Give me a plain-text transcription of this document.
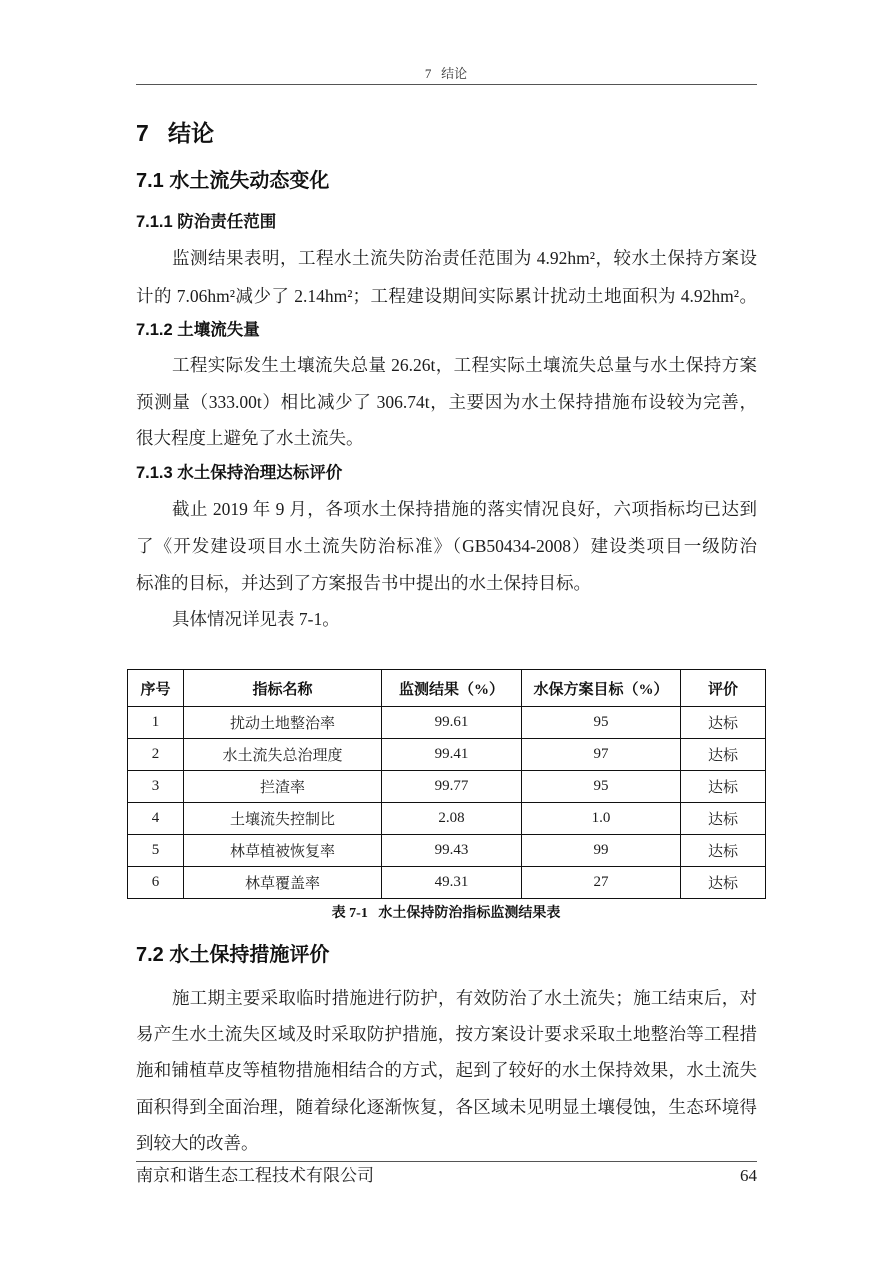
7   结论
7   结论
7.1 水土流失动态变化
7.1.1 防治责任范围
监测结果表明，工程水土流失防治责任范围为 4.92hm²，较水土保持方案设
计的 7.06hm²减少了 2.14hm²；工程建设期间实际累计扰动土地面积为 4.92hm²。
7.1.2 土壤流失量
工程实际发生土壤流失总量 26.26t，工程实际土壤流失总量与水土保持方案
预测量（333.00t）相比减少了 306.74t，主要因为水土保持措施布设较为完善，
很大程度上避免了水土流失。
7.1.3 水土保持治理达标评价
截止 2019 年 9 月，各项水土保持措施的落实情况良好，六项指标均已达到
了《开发建设项目水土流失防治标准》（GB50434-2008）建设类项目一级防治
标准的目标，并达到了方案报告书中提出的水土保持目标。
具体情况详见表 7-1。
序号	指标名称	监测结果（%）	水保方案目标（%）	评价
1	扰动土地整治率	99.61	95	达标
2	水土流失总治理度	99.41	97	达标
3	拦渣率	99.77	95	达标
4	土壤流失控制比	2.08	1.0	达标
5	林草植被恢复率	99.43	99	达标
6	林草覆盖率	49.31	27	达标
表 7-1   水土保持防治指标监测结果表
7.2 水土保持措施评价
施工期主要采取临时措施进行防护，有效防治了水土流失；施工结束后，对
易产生水土流失区域及时采取防护措施，按方案设计要求采取土地整治等工程措
施和铺植草皮等植物措施相结合的方式，起到了较好的水土保持效果，水土流失
面积得到全面治理，随着绿化逐渐恢复，各区域未见明显土壤侵蚀，生态环境得
到较大的改善。
南京和谐生态工程技术有限公司	64
